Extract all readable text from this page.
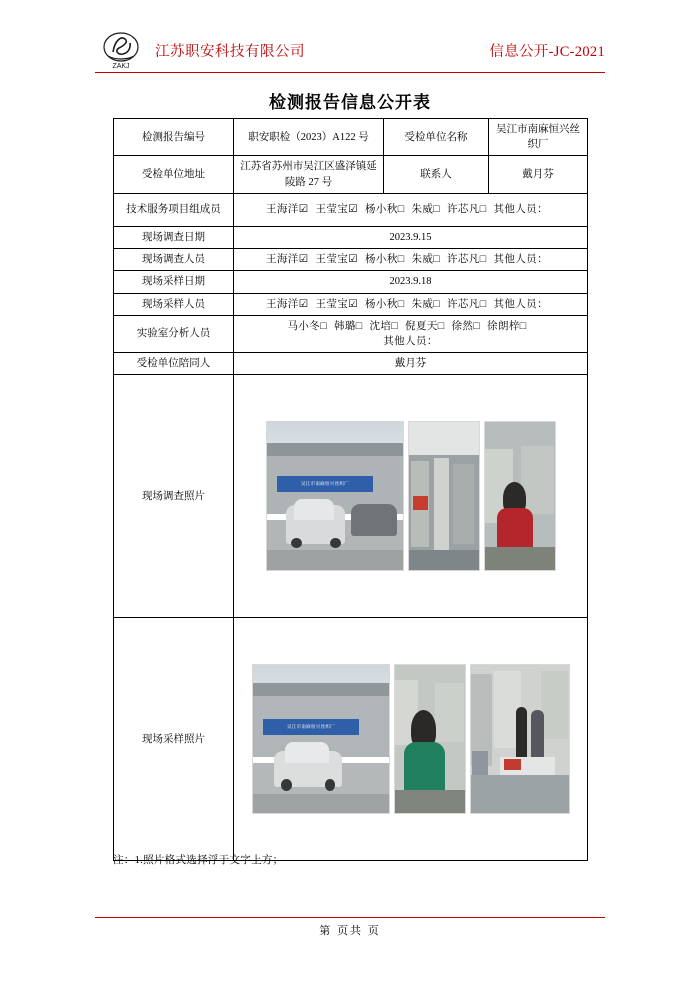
ZAKJ
江苏职安科技有限公司	信息公开-JC-2021
检测报告信息公开表
检测报告编号	职安职检（2023）A122 号	受检单位名称	吴江市南麻恒兴丝织厂
受检单位地址	江苏省苏州市吴江区盛泽镇延陵路 27 号	联系人	戴月芬
技术服务项目组成员	王海洋☑ 王莹宝☑ 杨小秋□ 朱威□ 许芯凡□ 其他人员：		
现场调查日期	2023.9.15		
现场调查人员	王海洋☑ 王莹宝☑ 杨小秋□ 朱威□ 许芯凡□ 其他人员：		
现场采样日期	2023.9.18		
现场采样人员	王海洋☑ 王莹宝☑ 杨小秋□ 朱威□ 许芯凡□ 其他人员：		
实验室分析人员	马小冬□ 韩璐□ 沈培□ 倪夏天□ 徐然□ 徐朗梓□
其他人员：		

受检单位陪同人	戴月芬		
现场调查照片	吴江市南麻恒兴丝织厂		

现场采样照片	吴江市南麻恒兴丝织厂		
注：1.照片格式选择浮于文字上方；
第 页共 页
